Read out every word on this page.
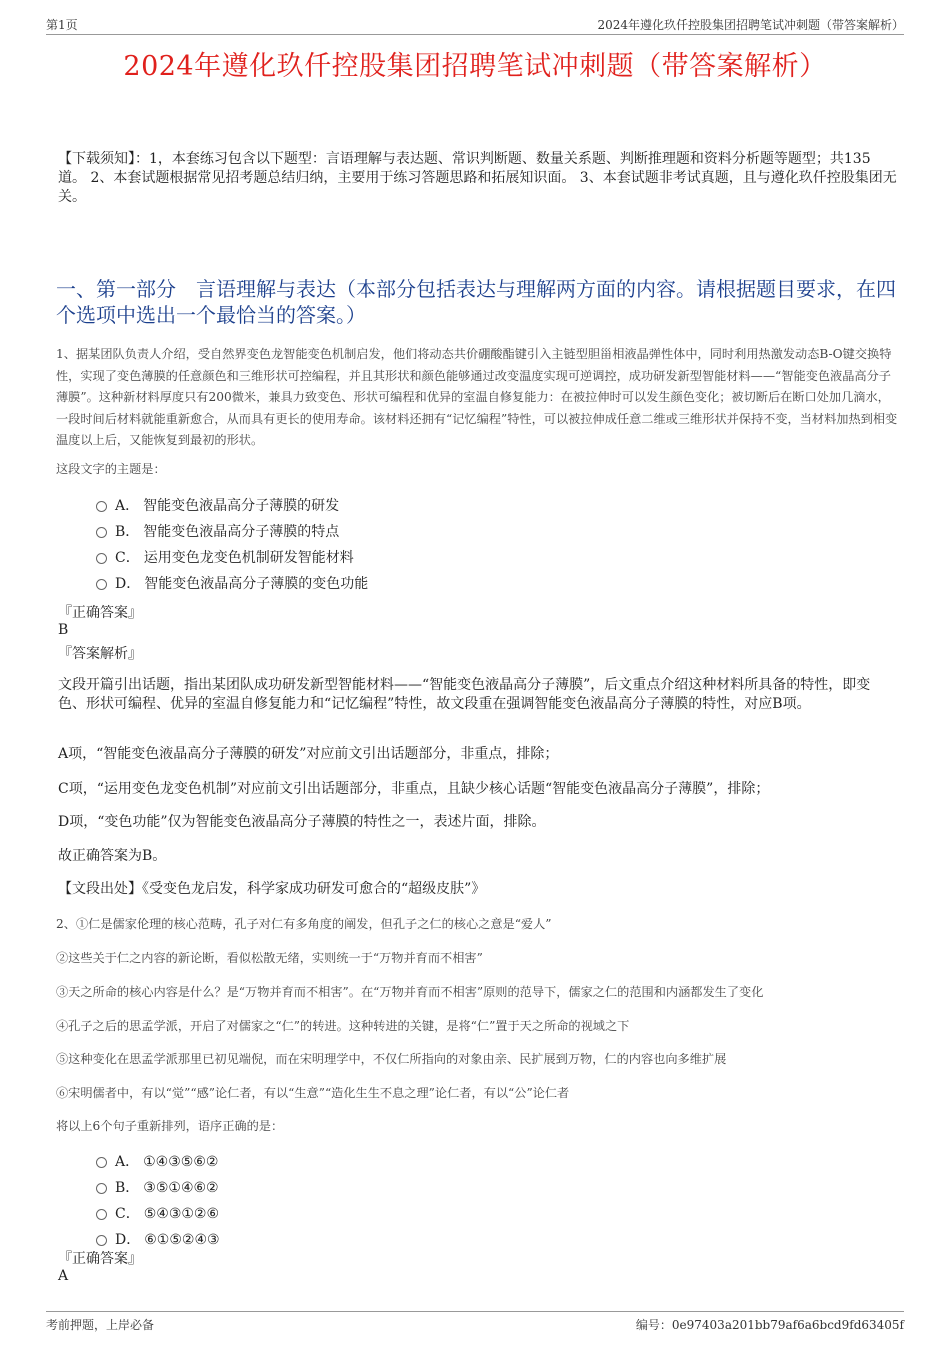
第1页	2024年遵化玖仟控股集团招聘笔试冲刺题（带答案解析）
2024年遵化玖仟控股集团招聘笔试冲刺题（带答案解析）
【下载须知】：1，本套练习包含以下题型：言语理解与表达题、常识判断题、数量关系题、判断推理题和资料分析题等题型；共135道。 2、本套试题根据常见招考题总结归纳，主要用于练习答题思路和拓展知识面。 3、本套试题非考试真题，且与遵化玖仟控股集团无关。
一、第一部分　言语理解与表达（本部分包括表达与理解两方面的内容。请根据题目要求，在四个选项中选出一个最恰当的答案。）
1、据某团队负责人介绍，受自然界变色龙智能变色机制启发，他们将动态共价硼酸酯键引入主链型胆甾相液晶弹性体中，同时利用热激发动态B-O键交换特性，实现了变色薄膜的任意颜色和三维形状可控编程，并且其形状和颜色能够通过改变温度实现可逆调控，成功研发新型智能材料——“智能变色液晶高分子薄膜”。这种新材料厚度只有200微米，兼具力致变色、形状可编程和优异的室温自修复能力：在被拉伸时可以发生颜色变化；被切断后在断口处加几滴水，一段时间后材料就能重新愈合，从而具有更长的使用寿命。该材料还拥有“记忆编程”特性，可以被拉伸成任意二维或三维形状并保持不变，当材料加热到相变温度以上后，又能恢复到最初的形状。
这段文字的主题是：
A． 智能变色液晶高分子薄膜的研发
B． 智能变色液晶高分子薄膜的特点
C． 运用变色龙变色机制研发智能材料
D． 智能变色液晶高分子薄膜的变色功能
『正确答案』
B
『答案解析』
文段开篇引出话题，指出某团队成功研发新型智能材料——“智能变色液晶高分子薄膜”，后文重点介绍这种材料所具备的特性，即变色、形状可编程、优异的室温自修复能力和“记忆编程”特性，故文段重在强调智能变色液晶高分子薄膜的特性，对应B项。
A项，“智能变色液晶高分子薄膜的研发”对应前文引出话题部分，非重点，排除；
C项，“运用变色龙变色机制”对应前文引出话题部分，非重点，且缺少核心话题“智能变色液晶高分子薄膜”，排除；
D项，“变色功能”仅为智能变色液晶高分子薄膜的特性之一，表述片面，排除。
故正确答案为B。
【文段出处】《受变色龙启发，科学家成功研发可愈合的“超级皮肤”》
2、①仁是儒家伦理的核心范畴，孔子对仁有多角度的阐发，但孔子之仁的核心之意是“爱人”
②这些关于仁之内容的新论断，看似松散无绪，实则统一于“万物并育而不相害”
③天之所命的核心内容是什么？是“万物并育而不相害”。在“万物并育而不相害”原则的范导下，儒家之仁的范围和内涵都发生了变化
④孔子之后的思孟学派，开启了对儒家之“仁”的转进。这种转进的关键，是将“仁”置于天之所命的视域之下
⑤这种变化在思孟学派那里已初见端倪，而在宋明理学中，不仅仁所指向的对象由亲、民扩展到万物，仁的内容也向多维扩展
⑥宋明儒者中，有以“觉”“感”论仁者，有以“生意”“造化生生不息之理”论仁者，有以“公”论仁者
将以上6个句子重新排列，语序正确的是：
A． ①④③⑤⑥②
B． ③⑤①④⑥②
C． ⑤④③①②⑥
D． ⑥①⑤②④③
『正确答案』
A
考前押题，上岸必备	编号：0e97403a201bb79af6a6bcd9fd63405f
